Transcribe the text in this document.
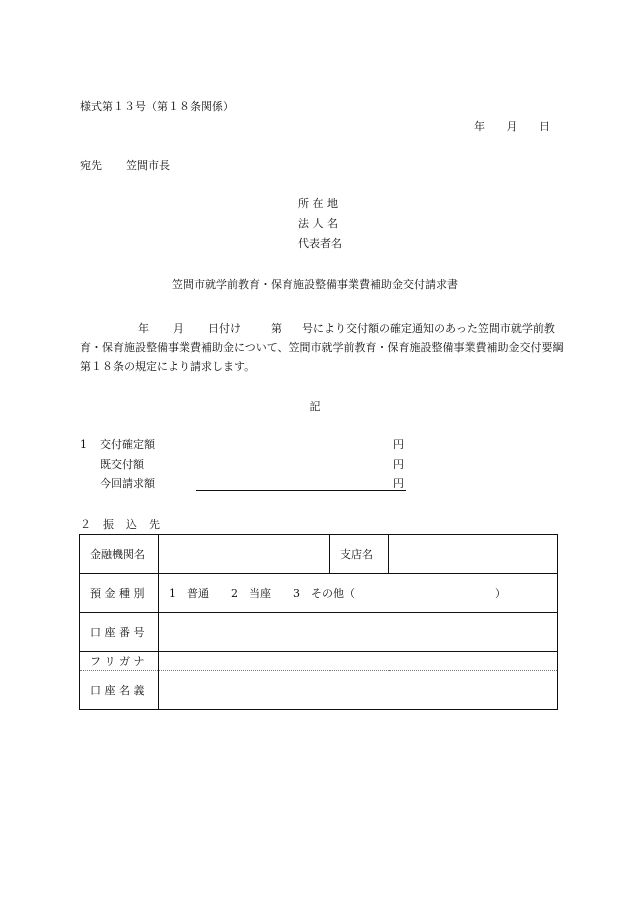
様式第１３号（第１８条関係）
年 月 日
宛先 笠間市長
所 在 地
法 人 名
代表者名
笠間市就学前教育・保育施設整備事業費補助金交付請求書
年 月 日付け	第 号により交付額の確定通知のあった笠間市就学前教育・保育施設整備事業費補助金について、笠間市就学前教育・保育施設整備事業費補助金交付要綱第１８条の規定により請求します。
記
1 交付確定額	円
既交付額	円
今回請求額	円
２ 振 込 先
金融機関名		支店名	
預 金 種 別	1　普通 2　当座 3　その他（ ）		
口 座 番 号			
フ リ ガ ナ			
口 座 名 義			
